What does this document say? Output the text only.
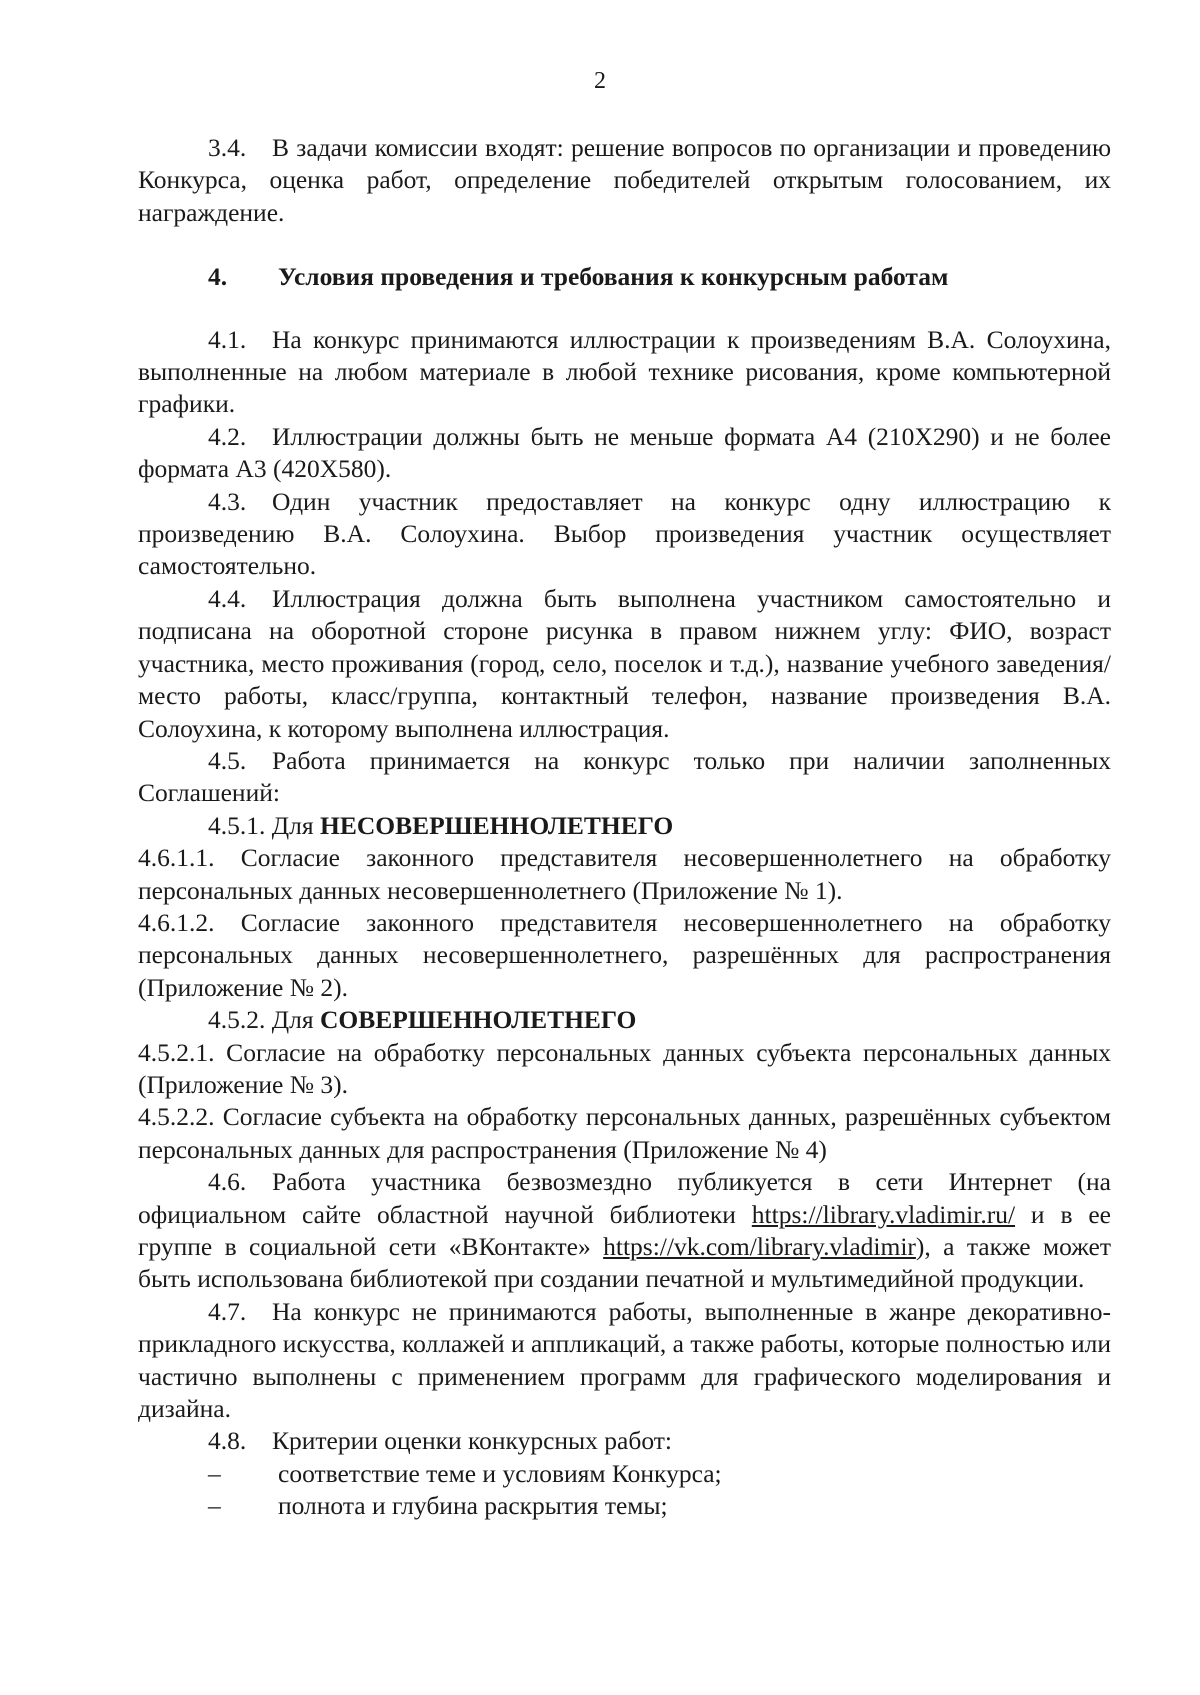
2

3.4. В задачи комиссии входят: решение вопросов по организации и проведению Конкурса, оценка работ, определение победителей открытым голосованием, их награждение.

4. Условия проведения и требования к конкурсным работам

4.1. На конкурс принимаются иллюстрации к произведениям В.А. Солоухина, выполненные на любом материале в любой технике рисования, кроме компьютерной графики.

4.2. Иллюстрации должны быть не меньше формата А4 (210Х290) и не более формата А3 (420Х580).

4.3. Один участник предоставляет на конкурс одну иллюстрацию к произведению В.А. Солоухина. Выбор произведения участник осуществляет самостоятельно.

4.4. Иллюстрация должна быть выполнена участником самостоятельно и подписана на оборотной стороне рисунка в правом нижнем углу: ФИО, возраст участника, место проживания (город, село, поселок и т.д.), название учебного заведения/место работы, класс/группа, контактный телефон, название произведения В.А. Солоухина, к которому выполнена иллюстрация.

4.5. Работа принимается на конкурс только при наличии заполненных Соглашений:

4.5.1. Для НЕСОВЕРШЕННОЛЕТНЕГО

4.6.1.1. Согласие законного представителя несовершеннолетнего на обработку персональных данных несовершеннолетнего (Приложение № 1).

4.6.1.2. Согласие законного представителя несовершеннолетнего на обработку персональных данных несовершеннолетнего, разрешённых для распространения (Приложение № 2).

4.5.2. Для СОВЕРШЕННОЛЕТНЕГО

4.5.2.1. Согласие на обработку персональных данных субъекта персональных данных (Приложение № 3).

4.5.2.2. Согласие субъекта на обработку персональных данных, разрешённых субъектом персональных данных для распространения (Приложение № 4)

4.6. Работа участника безвозмездно публикуется в сети Интернет (на официальном сайте областной научной библиотеки https://library.vladimir.ru/ и в ее группе в социальной сети «ВКонтакте» https://vk.com/library.vladimir), а также может быть использована библиотекой при создании печатной и мультимедийной продукции.

4.7. На конкурс не принимаются работы, выполненные в жанре декоративно-прикладного искусства, коллажей и аппликаций, а также работы, которые полностью или частично выполнены с применением программ для графического моделирования и дизайна.

4.8. Критерии оценки конкурсных работ:

–	соответствие теме и условиям Конкурса;

–	полнота и глубина раскрытия темы;
